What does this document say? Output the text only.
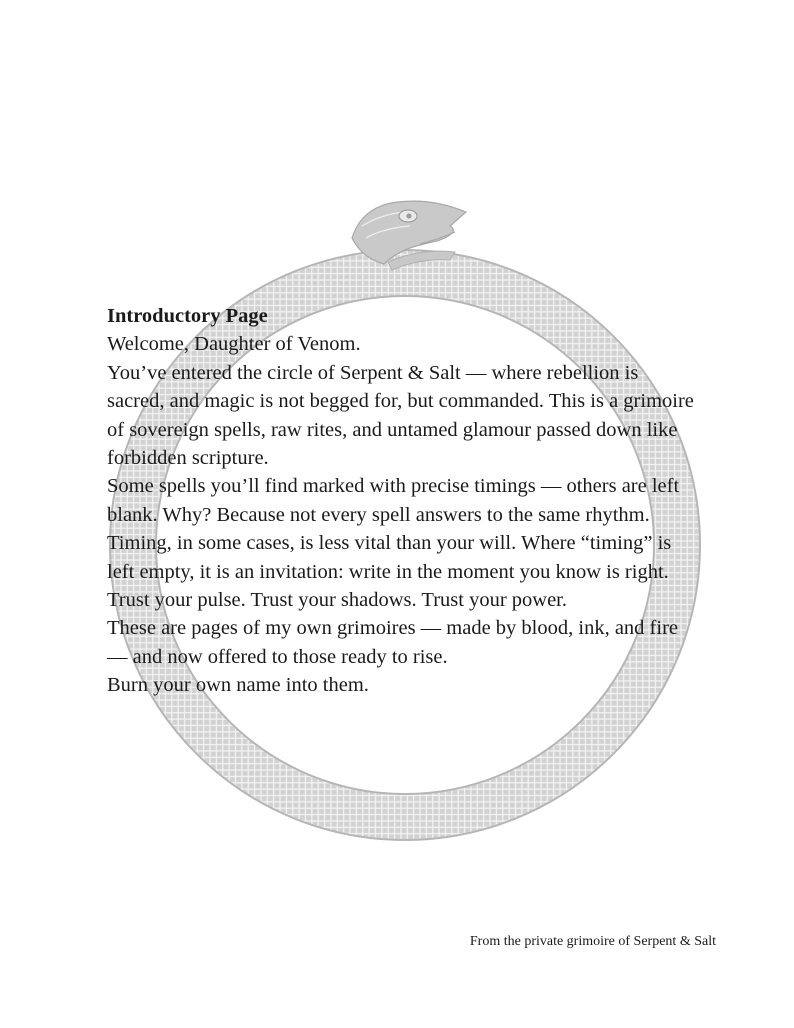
Introductory Page

Welcome, Daughter of Venom.

You’ve entered the circle of Serpent & Salt — where rebellion is sacred, and magic is not begged for, but commanded. This is a grimoire of sovereign spells, raw rites, and untamed glamour passed down like forbidden scripture.

Some spells you’ll find marked with precise timings — others are left blank. Why? Because not every spell answers to the same rhythm. Timing, in some cases, is less vital than your will. Where “timing” is left empty, it is an invitation: write in the moment you know is right. Trust your pulse. Trust your shadows. Trust your power.

These are pages of my own grimoires — made by blood, ink, and fire — and now offered to those ready to rise.

Burn your own name into them.

From the private grimoire of Serpent & Salt
